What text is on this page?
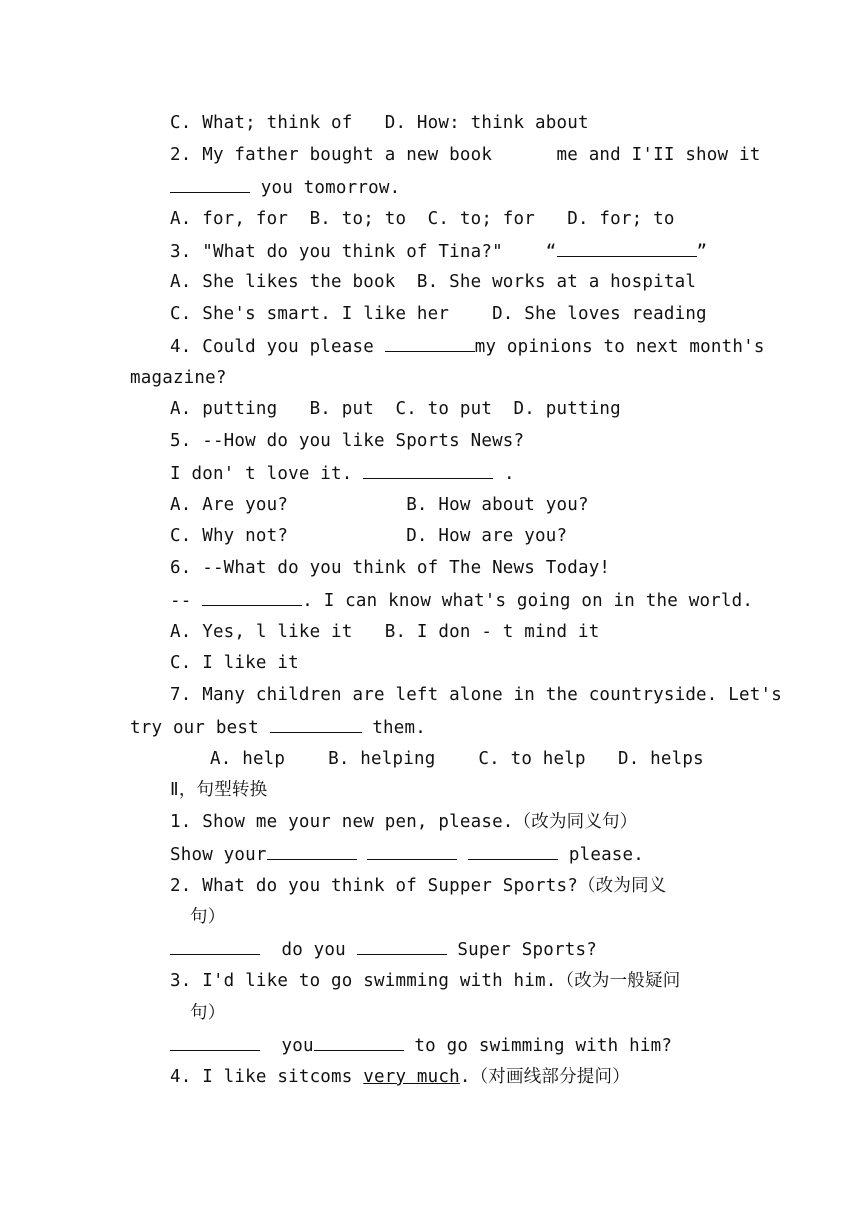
C. What; think of   D. How: think about
2. My father bought a new book      me and I'II show it
you tomorrow.
A. for, for  B. to; to  C. to; for   D. for; to
3. "What do you think of Tina?"    “	”
A. She likes the book  B. She works at a hospital
C. She's smart. I like her    D. She loves reading
4. Could you please	my opinions to next month's
magazine?
A. putting   B. put  C. to put  D. putting
5. --How do you like Sports News?
I don' t love it.	.
A. Are you?           B. How about you?
C. Why not?           D. How are you?
6. --What do you think of The News Today!
--	. I can know what's going on in the world.
A. Yes, l like it   B. I don - t mind it
C. I like it
7. Many children are left alone in the countryside. Let's
try our best	them.
A. help    B. helping    C. to help   D. helps
Ⅱ，句型转换
1. Show me your new pen, please.（改为同义句）
Show your	please.
2. What do you think of Supper Sports?（改为同义
句）
do you	Super Sports?
3. I'd like to go swimming with him.（改为一般疑问
句）
you	to go swimming with him?
4. I like sitcoms very much.（对画线部分提问）
